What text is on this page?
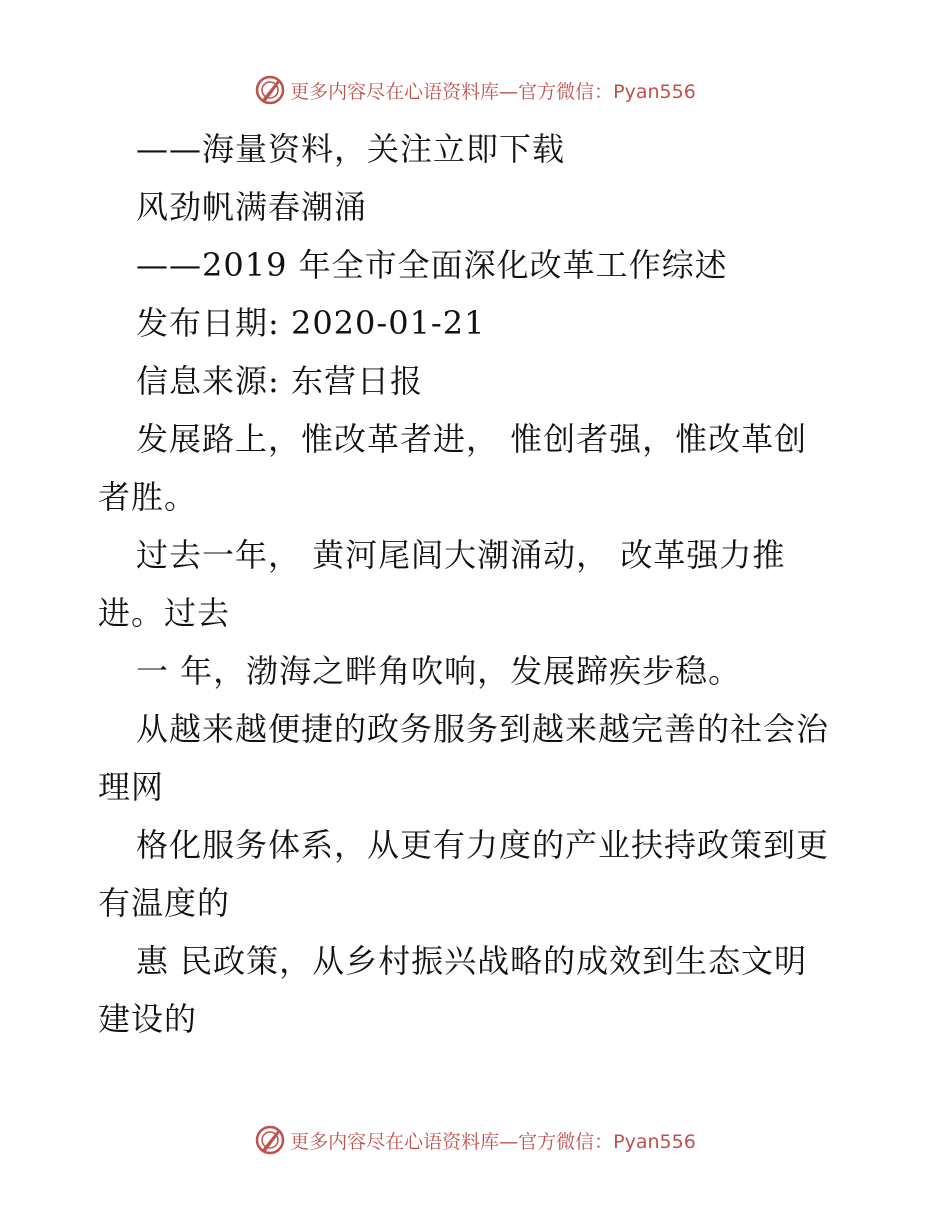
更多内容尽在心语资料库—官方微信：Pyan556
——海量资料，关注立即下载
风劲帆满春潮涌
——2019 年全市全面深化改革工作综述
发布日期: 2020-01-21
信息来源: 东营日报
发展路上，惟改革者进， 惟创者强，惟改革创
者胜。
过去一年， 黄河尾闾大潮涌动， 改革强力推
进。过去
一 年，渤海之畔角吹响，发展蹄疾步稳。
从越来越便捷的政务服务到越来越完善的社会治
理网
格化服务体系，从更有力度的产业扶持政策到更
有温度的
惠 民政策，从乡村振兴战略的成效到生态文明
建设的
更多内容尽在心语资料库—官方微信：Pyan556
